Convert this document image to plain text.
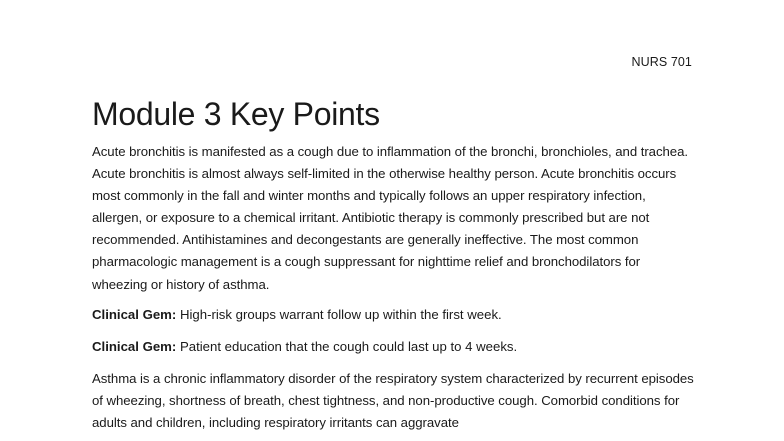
NURS 701
Module 3 Key Points

Acute bronchitis is manifested as a cough due to inflammation of the bronchi, bronchioles, and trachea. Acute bronchitis is almost always self-limited in the otherwise healthy person. Acute bronchitis occurs most commonly in the fall and winter months and typically follows an upper respiratory infection, allergen, or exposure to a chemical irritant. Antibiotic therapy is commonly prescribed but are not recommended. Antihistamines and decongestants are generally ineffective. The most common pharmacologic management is a cough suppressant for nighttime relief and bronchodilators for wheezing or history of asthma.

Clinical Gem: High-risk groups warrant follow up within the first week.

Clinical Gem: Patient education that the cough could last up to 4 weeks.

Asthma is a chronic inflammatory disorder of the respiratory system characterized by recurrent episodes of wheezing, shortness of breath, chest tightness, and non-productive cough. Comorbid conditions for adults and children, including respiratory irritants can aggravate
